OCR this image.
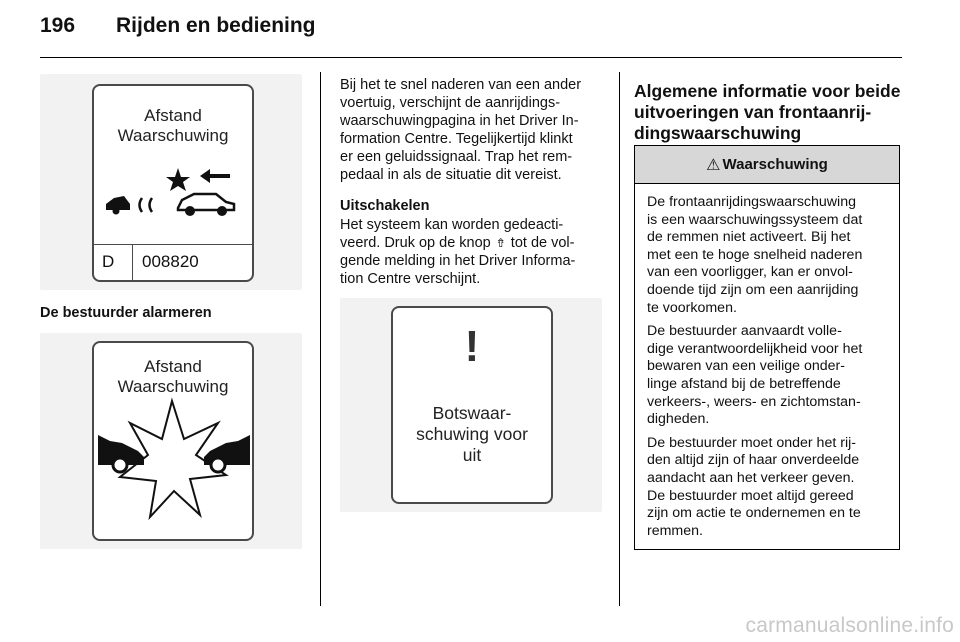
196 Rijden en bediening
Afstand
Waarschuwing
D 008820
De bestuurder alarmeren
Afstand
Waarschuwing

Bij het te snel naderen van een ander
voertuig, verschijnt de aanrijdings-
waarschuwingpagina in het Driver In-
formation Centre. Tegelijkertijd klinkt
er een geluidssignaal. Trap het rem-
pedaal in als de situatie dit vereist.

Uitschakelen

Het systeem kan worden gedeacti-
veerd. Druk op de knop ⇮ tot de vol-
gende melding in het Driver Informa-
tion Centre verschijnt.

!
Botswaar-
schuwing voor
uit
Algemene informatie voor beide
uitvoeringen van frontaanrij-
dingswaarschuwing
⚠ Waarschuwing

De frontaanrijdingswaarschuwing
is een waarschuwingssysteem dat
de remmen niet activeert. Bij het
met een te hoge snelheid naderen
van een voorligger, kan er onvol-
doende tijd zijn om een aanrijding
te voorkomen.

De bestuurder aanvaardt volle-
dige verantwoordelijkheid voor het
bewaren van een veilige onder-
linge afstand bij de betreffende
verkeers-, weers- en zichtomstan-
digheden.

De bestuurder moet onder het rij-
den altijd zijn of haar onverdeelde
aandacht aan het verkeer geven.
De bestuurder moet altijd gereed
zijn om actie te ondernemen en te
remmen.

carmanualsonline.info
